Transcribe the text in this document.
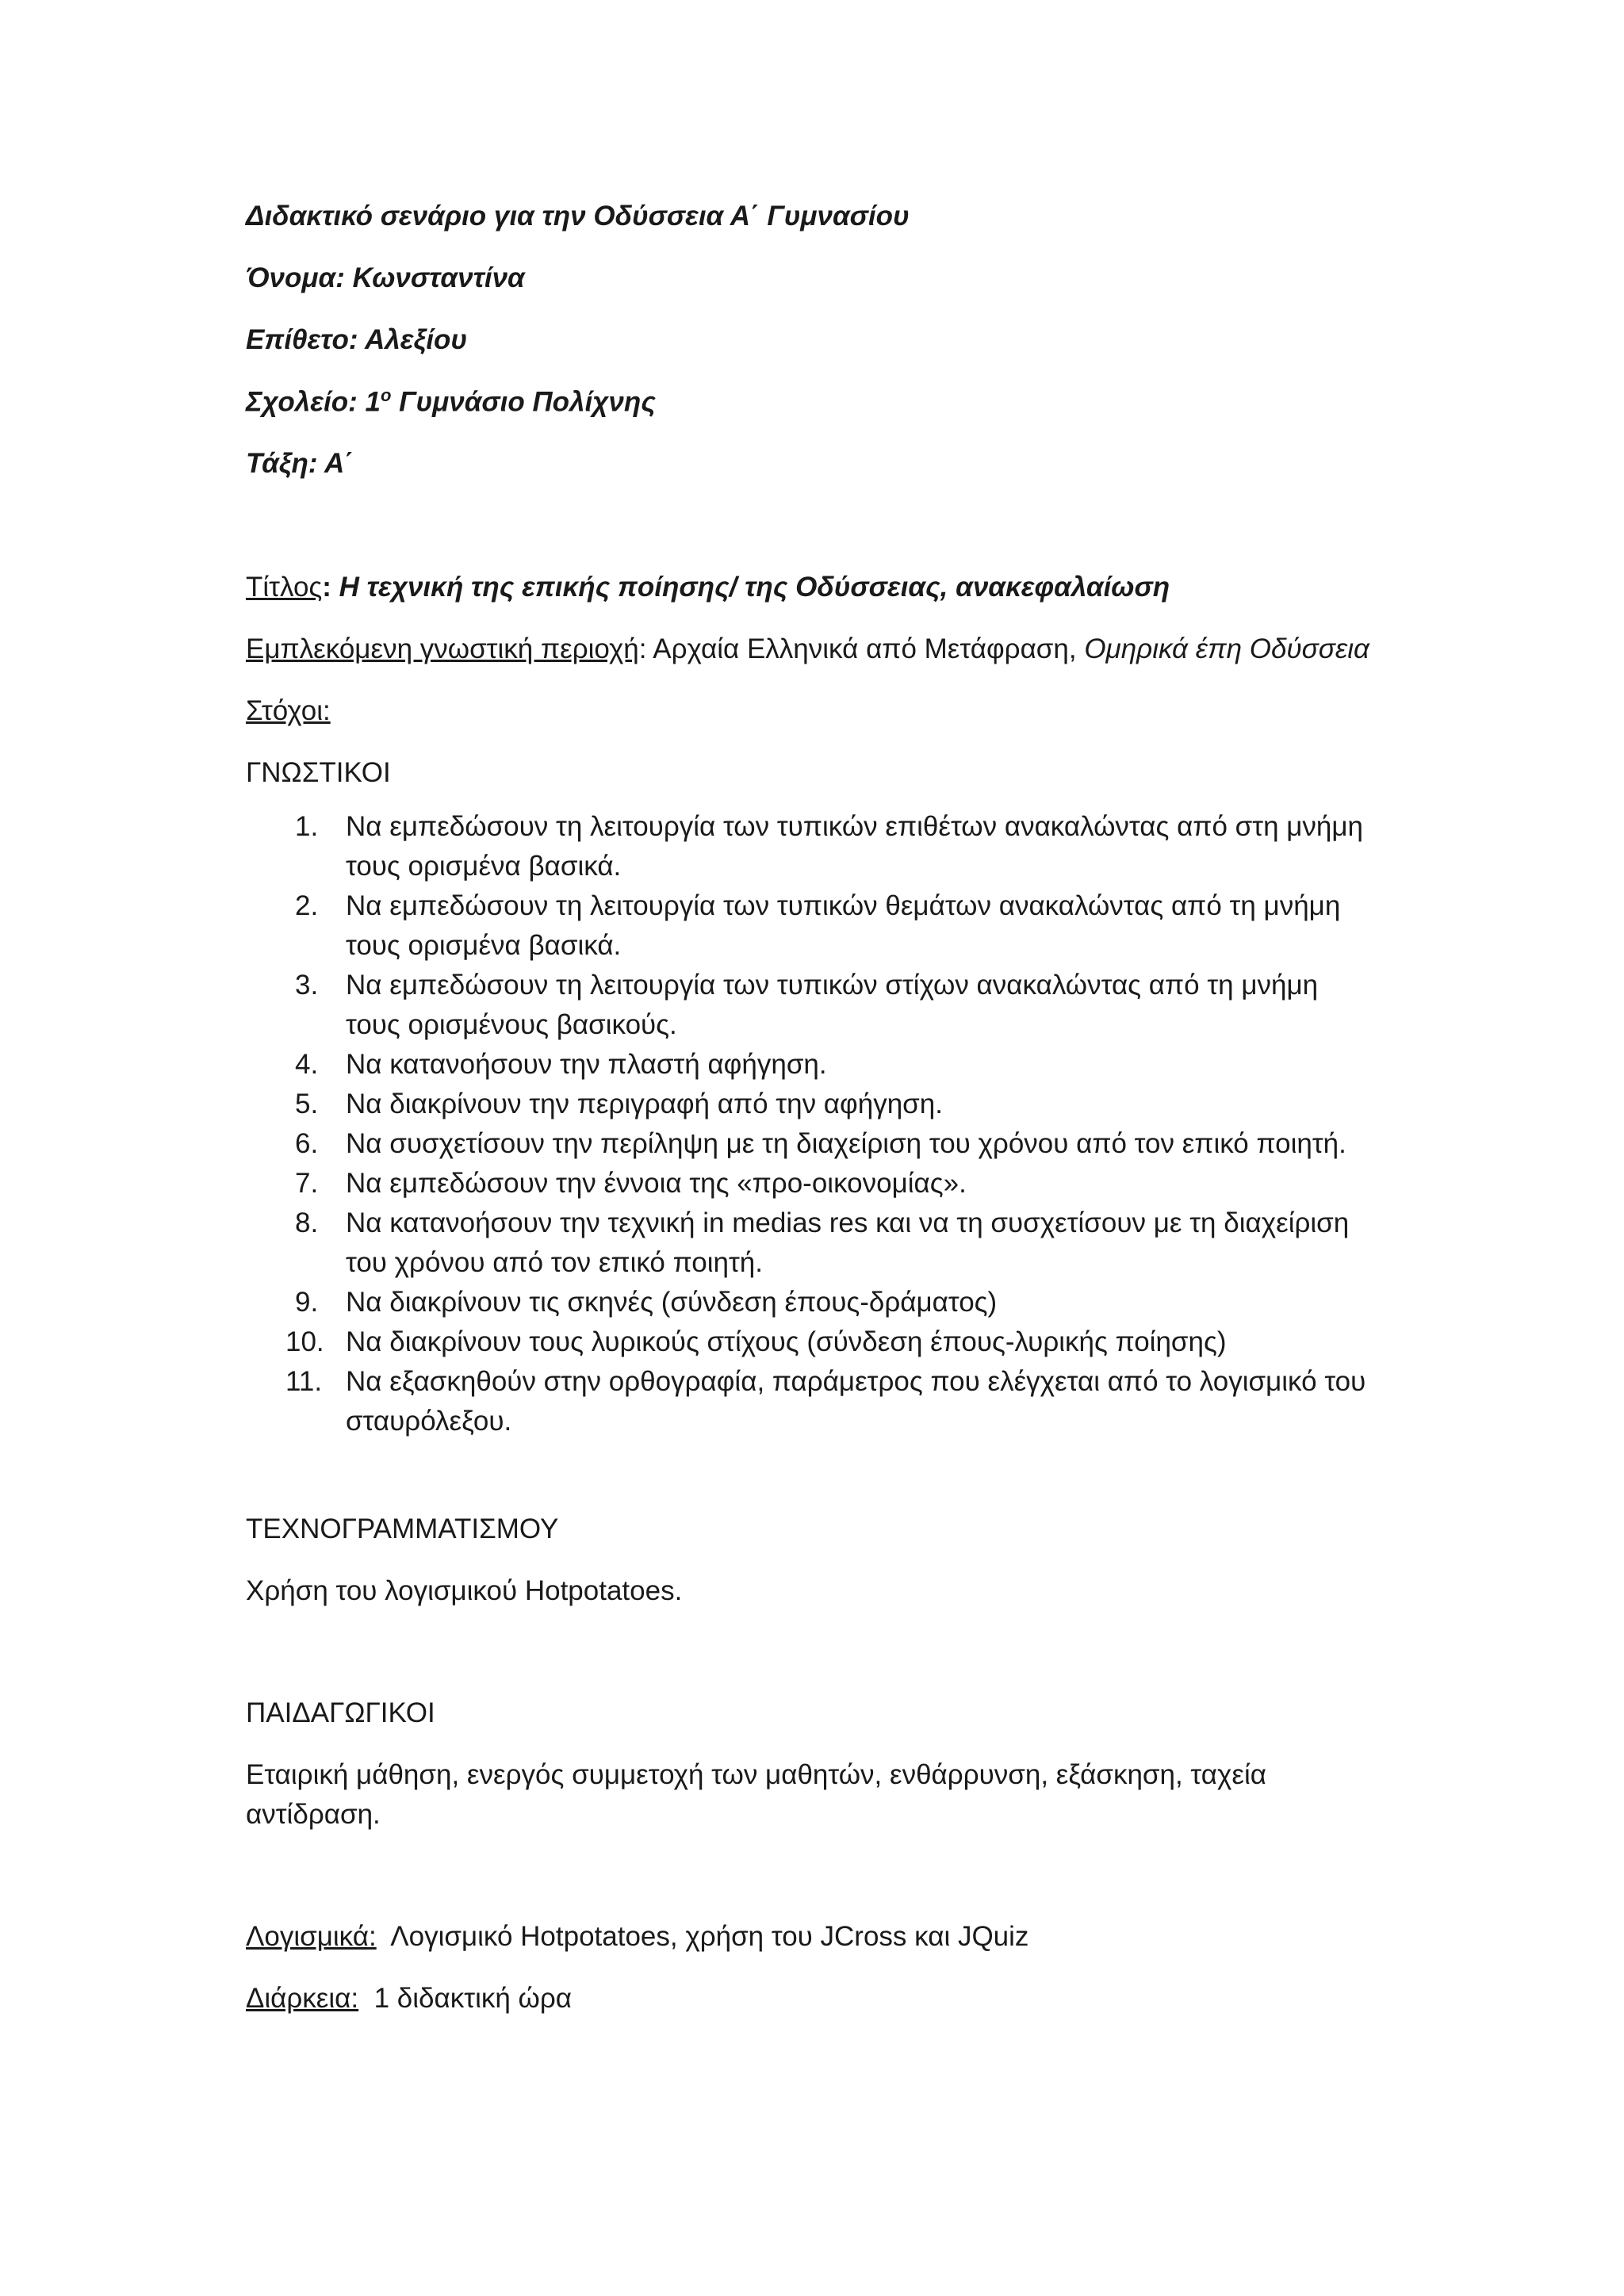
Διδακτικό σενάριο για την Οδύσσεια Α΄ Γυμνασίου

Όνομα: Κωνσταντίνα

Επίθετο: Αλεξίου

Σχολείο: $1^o$ Γυμνάσιο Πολίχνης

Τάξη: Α΄

Τίτλος: Η τεχνική της επικής ποίησης/ της Οδύσσειας, ανακεφαλαίωση

Εμπλεκόμενη γνωστική περιοχή: Αρχαία Ελληνικά από Μετάφραση, Ομηρικά έπη Οδύσσεια

Στόχοι:

ΓΝΩΣΤΙΚΟΙ

1. Να εμπεδώσουν τη λειτουργία των τυπικών επιθέτων ανακαλώντας από στη μνήμη
τους ορισμένα βασικά.
2. Να εμπεδώσουν τη λειτουργία των τυπικών θεμάτων ανακαλώντας από τη μνήμη
τους ορισμένα βασικά.
3. Να εμπεδώσουν τη λειτουργία των τυπικών στίχων ανακαλώντας από τη μνήμη
τους ορισμένους βασικούς.
4. Να κατανοήσουν την πλαστή αφήγηση.
5. Να διακρίνουν την περιγραφή από την αφήγηση.
6. Να συσχετίσουν την περίληψη με τη διαχείριση του χρόνου από τον επικό ποιητή.
7. Να εμπεδώσουν την έννοια της «προ-οικονομίας».
8. Να κατανοήσουν την τεχνική in medias res και να τη συσχετίσουν με τη διαχείριση
του χρόνου από τον επικό ποιητή.
9. Να διακρίνουν τις σκηνές (σύνδεση έπους-δράματος)
10. Να διακρίνουν τους λυρικούς στίχους (σύνδεση έπους-λυρικής ποίησης)
11. Να εξασκηθούν στην ορθογραφία, παράμετρος που ελέγχεται από το λογισμικό του
σταυρόλεξου.

ΤΕΧΝΟΓΡΑΜΜΑΤΙΣΜΟΥ

Χρήση του λογισμικού Hotpotatoes.

ΠΑΙΔΑΓΩΓΙΚΟΙ

Εταιρική μάθηση, ενεργός συμμετοχή των μαθητών, ενθάρρυνση, εξάσκηση, ταχεία

αντίδραση.

Λογισμικά:  Λογισμικό Hotpotatoes, χρήση του JCross και JQuiz

Διάρκεια:  1 διδακτική ώρα
